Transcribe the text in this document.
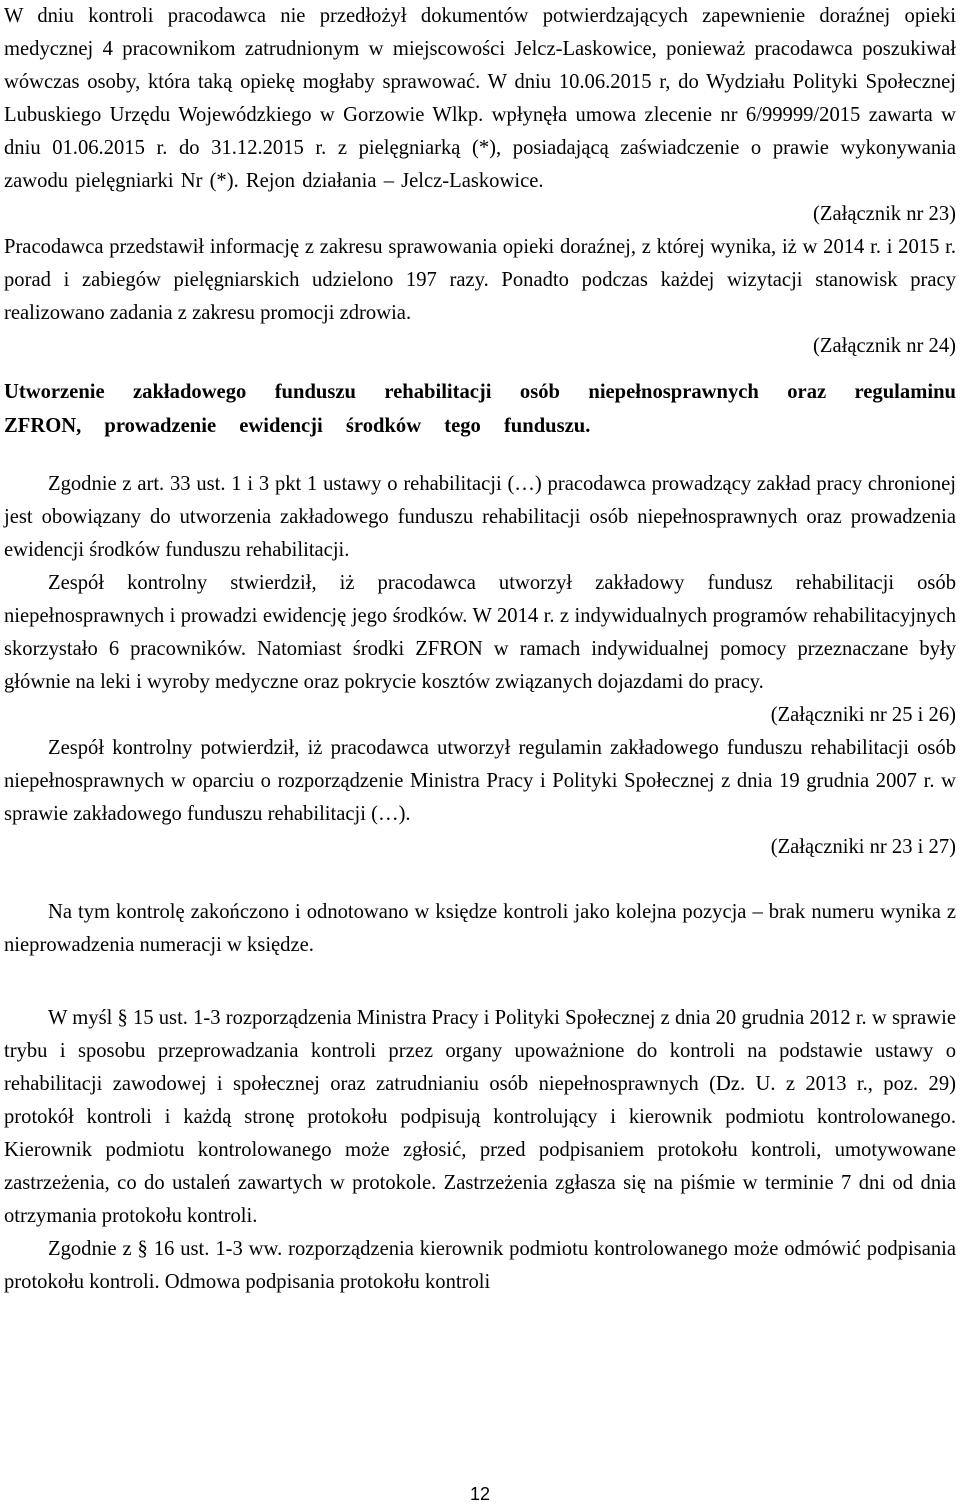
W dniu kontroli pracodawca nie przedłożył dokumentów potwierdzających zapewnienie doraźnej opieki medycznej 4 pracownikom zatrudnionym w miejscowości Jelcz-Laskowice, ponieważ pracodawca poszukiwał wówczas osoby, która taką opiekę mogłaby sprawować. W dniu 10.06.2015 r, do Wydziału Polityki Społecznej Lubuskiego Urzędu Wojewódzkiego w Gorzowie Wlkp. wpłynęła umowa zlecenie nr 6/99999/2015 zawarta w dniu 01.06.2015 r. do 31.12.2015 r. z pielęgniarką (*), posiadającą zaświadczenie o prawie wykonywania zawodu pielęgniarki Nr (*). Rejon działania – Jelcz-Laskowice.

(Załącznik nr 23)

Pracodawca przedstawił informację z zakresu sprawowania opieki doraźnej, z której wynika, iż w 2014 r. i 2015 r. porad i zabiegów pielęgniarskich udzielono 197 razy. Ponadto podczas każdej wizytacji stanowisk pracy realizowano zadania z zakresu promocji zdrowia.

(Załącznik nr 24)

Utworzenie zakładowego funduszu rehabilitacji osób niepełnosprawnych oraz regulaminu ZFRON, prowadzenie ewidencji środków tego funduszu.

Zgodnie z art. 33 ust. 1 i 3 pkt 1 ustawy o rehabilitacji (…) pracodawca prowadzący zakład pracy chronionej jest obowiązany do utworzenia zakładowego funduszu rehabilitacji osób niepełnosprawnych oraz prowadzenia ewidencji środków funduszu rehabilitacji.

Zespół kontrolny stwierdził, iż pracodawca utworzył zakładowy fundusz rehabilitacji osób niepełnosprawnych i prowadzi ewidencję jego środków. W 2014 r. z indywidualnych programów rehabilitacyjnych skorzystało 6 pracowników. Natomiast środki ZFRON w ramach indywidualnej pomocy przeznaczane były głównie na leki i wyroby medyczne oraz pokrycie kosztów związanych dojazdami do pracy.

(Załączniki nr 25 i 26)

Zespół kontrolny potwierdził, iż pracodawca utworzył regulamin zakładowego funduszu rehabilitacji osób niepełnosprawnych w oparciu o rozporządzenie Ministra Pracy i Polityki Społecznej z dnia 19 grudnia 2007 r. w sprawie zakładowego funduszu rehabilitacji (…).

(Załączniki nr 23 i 27)

Na tym kontrolę zakończono i odnotowano w księdze kontroli jako kolejna pozycja – brak numeru wynika z nieprowadzenia numeracji w księdze.

W myśl § 15 ust. 1-3 rozporządzenia Ministra Pracy i Polityki Społecznej z dnia 20 grudnia 2012 r. w sprawie trybu i sposobu przeprowadzania kontroli przez organy upoważnione do kontroli na podstawie ustawy o rehabilitacji zawodowej i społecznej oraz zatrudnianiu osób niepełnosprawnych (Dz. U. z 2013 r., poz. 29) protokół kontroli i każdą stronę protokołu podpisują kontrolujący i kierownik podmiotu kontrolowanego. Kierownik podmiotu kontrolowanego może zgłosić, przed podpisaniem protokołu kontroli, umotywowane zastrzeżenia, co do ustaleń zawartych w protokole. Zastrzeżenia zgłasza się na piśmie w terminie 7 dni od dnia otrzymania protokołu kontroli.

Zgodnie z § 16 ust. 1-3 ww. rozporządzenia kierownik podmiotu kontrolowanego może odmówić podpisania protokołu kontroli. Odmowa podpisania protokołu kontroli

12
